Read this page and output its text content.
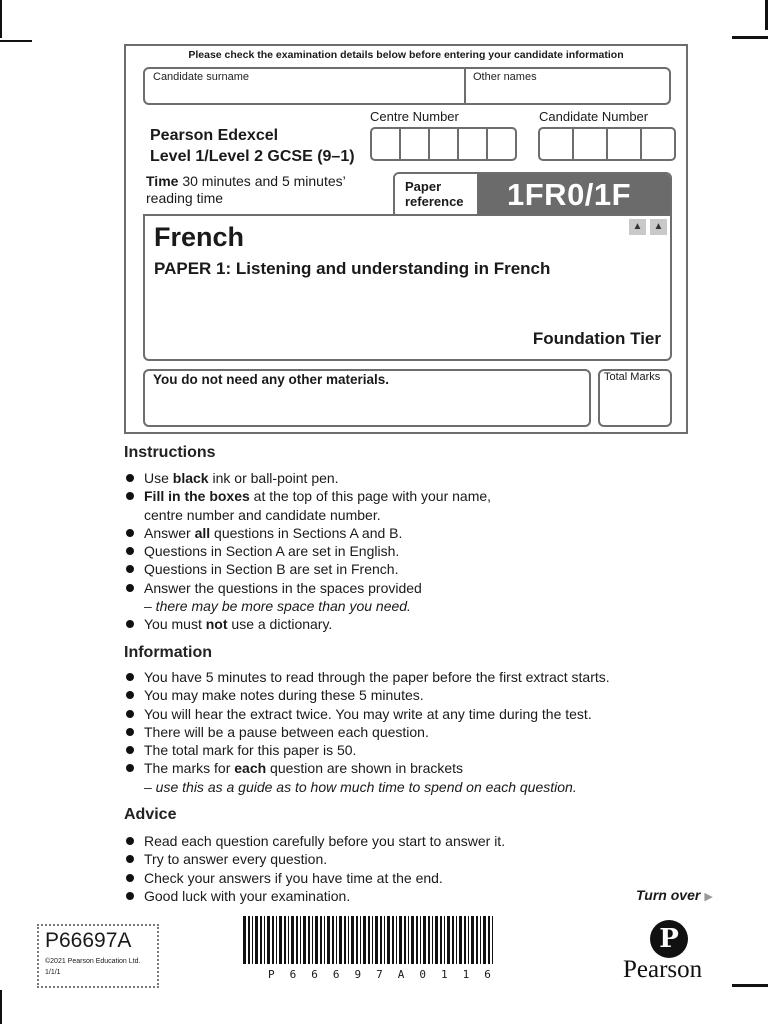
Please check the examination details below before entering your candidate information
Candidate surname	Other names
Centre Number	Candidate Number
Pearson Edexcel
Level 1/Level 2 GCSE (9–1)
Time 30 minutes and 5 minutes’
reading time
Paper
reference	1FR0/1F
▲	▲
French
PAPER 1: Listening and understanding in French
Foundation Tier
You do not need any other materials.	Total Marks
Instructions
Use black ink or ball-point pen.
Fill in the boxes at the top of this page with your name,
centre number and candidate number.
Answer all questions in Sections A and B.
Questions in Section A are set in English.
Questions in Section B are set in French.
Answer the questions in the spaces provided
– there may be more space than you need.
You must not use a dictionary.
Information
You have 5 minutes to read through the paper before the first extract starts.
You may make notes during these 5 minutes.
You will hear the extract twice. You may write at any time during the test.
There will be a pause between each question.
The total mark for this paper is 50.
The marks for each question are shown in brackets
– use this as a guide as to how much time to spend on each question.
Advice
Read each question carefully before you start to answer it.
Try to answer every question.
Check your answers if you have time at the end.
Good luck with your examination.	Turn over ▶
P66697A
©2021 Pearson Education Ltd.
1/1/1	P66697A0116
P
Pearson
